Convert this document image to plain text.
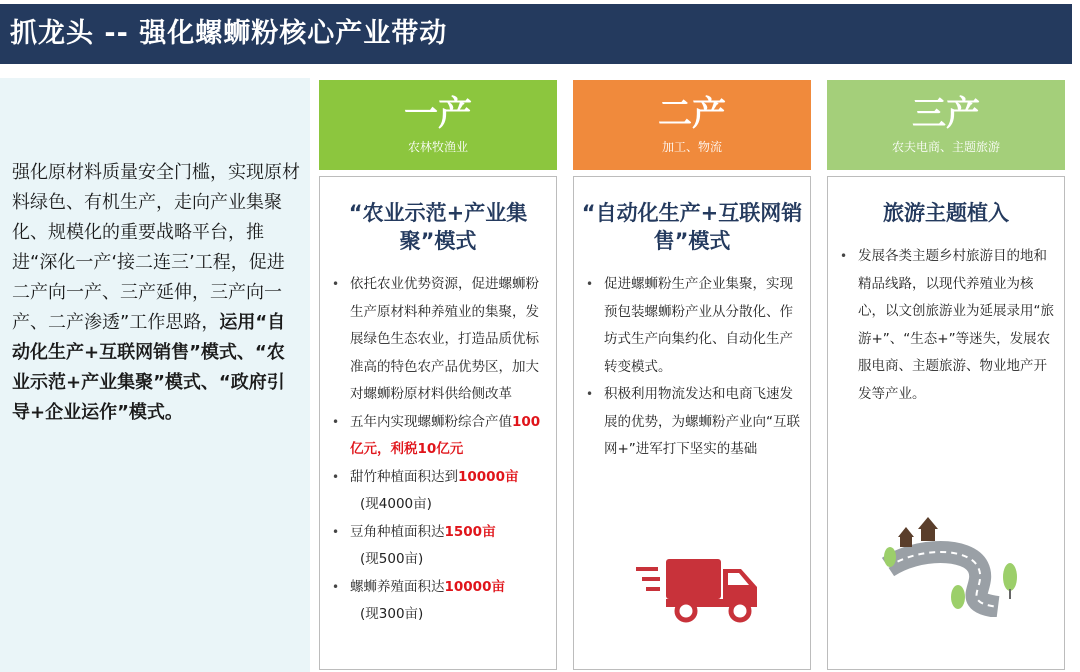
抓龙头 -- 强化螺蛳粉核心产业带动
强化原材料质量安全门槛，实现原材料绿色、有机生产，走向产业集聚化、规模化的重要战略平台，推进“深化一产‘接二连三’工程，促进二产向一产、三产延伸，三产向一产、二产渗透”工作思路，运用“自动化生产+互联网销售”模式、“农业示范+产业集聚”模式、“政府引导+企业运作”模式。
一产
农林牧渔业
“农业示范+产业集聚”模式
• 依托农业优势资源，促进螺蛳粉生产原材料种养殖业的集聚，发展绿色生态农业，打造品质优标准高的特色农产品优势区，加大对螺蛳粉原材料供给侧改革
• 五年内实现螺蛳粉综合产值100亿元，利税10亿元
• 甜竹种植面积达到10000亩
(现4000亩)
• 豆角种植面积达1500亩
(现500亩)
• 螺蛳养殖面积达10000亩
(现300亩)
二产
加工、物流
“自动化生产+互联网销售”模式
• 促进螺蛳粉生产企业集聚，实现预包装螺蛳粉产业从分散化、作坊式生产向集约化、自动化生产转变模式。
• 积极利用物流发达和电商飞速发展的优势，为螺蛳粉产业向“互联网+”进军打下坚实的基础
三产
农夫电商、主题旅游
旅游主题植入
• 发展各类主题乡村旅游目的地和精品线路，以现代养殖业为核心，以文创旅游业为延展录用“旅游+”、“生态+”等迷失，发展农服电商、主题旅游、物业地产开发等产业。
